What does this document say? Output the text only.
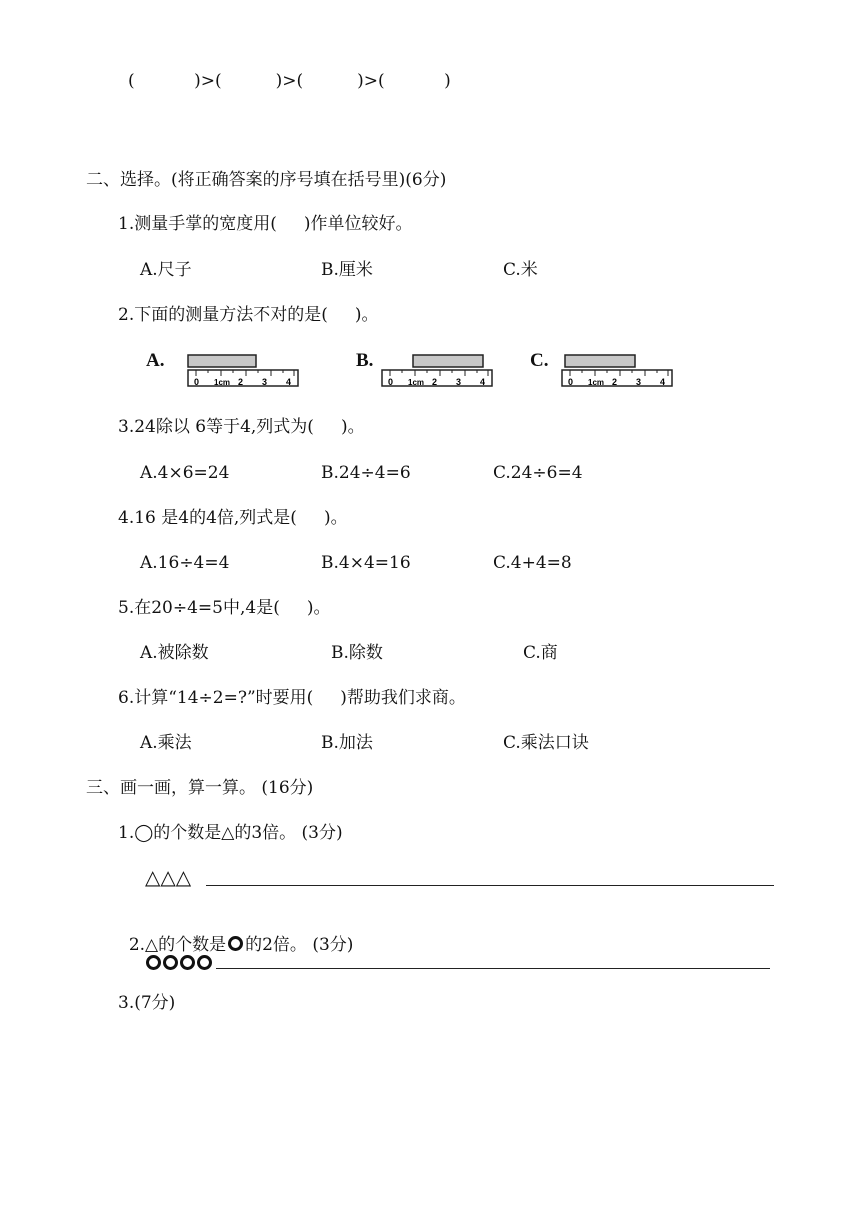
(           )>(          )>(          )>(           )
二、选择。(将正确答案的序号填在括号里)(6分)
1.测量手掌的宽度用(     )作单位较好。
A.尺子	B.厘米	C.米
2.下面的测量方法不对的是(     )。
A.
0 1cm 2 3 4
B.
0 1cm 2 3 4
C.
0 1cm 2 3 4
3.24除以 6等于4,列式为(     )。
A.4×6=24	B.24÷4=6	C.24÷6=4
4.16 是4的4倍,列式是(     )。
A.16÷4=4	B.4×4=16	C.4+4=8
5.在20÷4=5中,4是(     )。
A.被除数	B.除数	C.商
6.计算“14÷2=?”时要用(     )帮助我们求商。
A.乘法	B.加法	C.乘法口诀
三、画一画，算一算。 (16分)
1.◯的个数是△的3倍。 (3分)
△△△

2.△的个数是 的2倍。 (3分)

3.(7分)
